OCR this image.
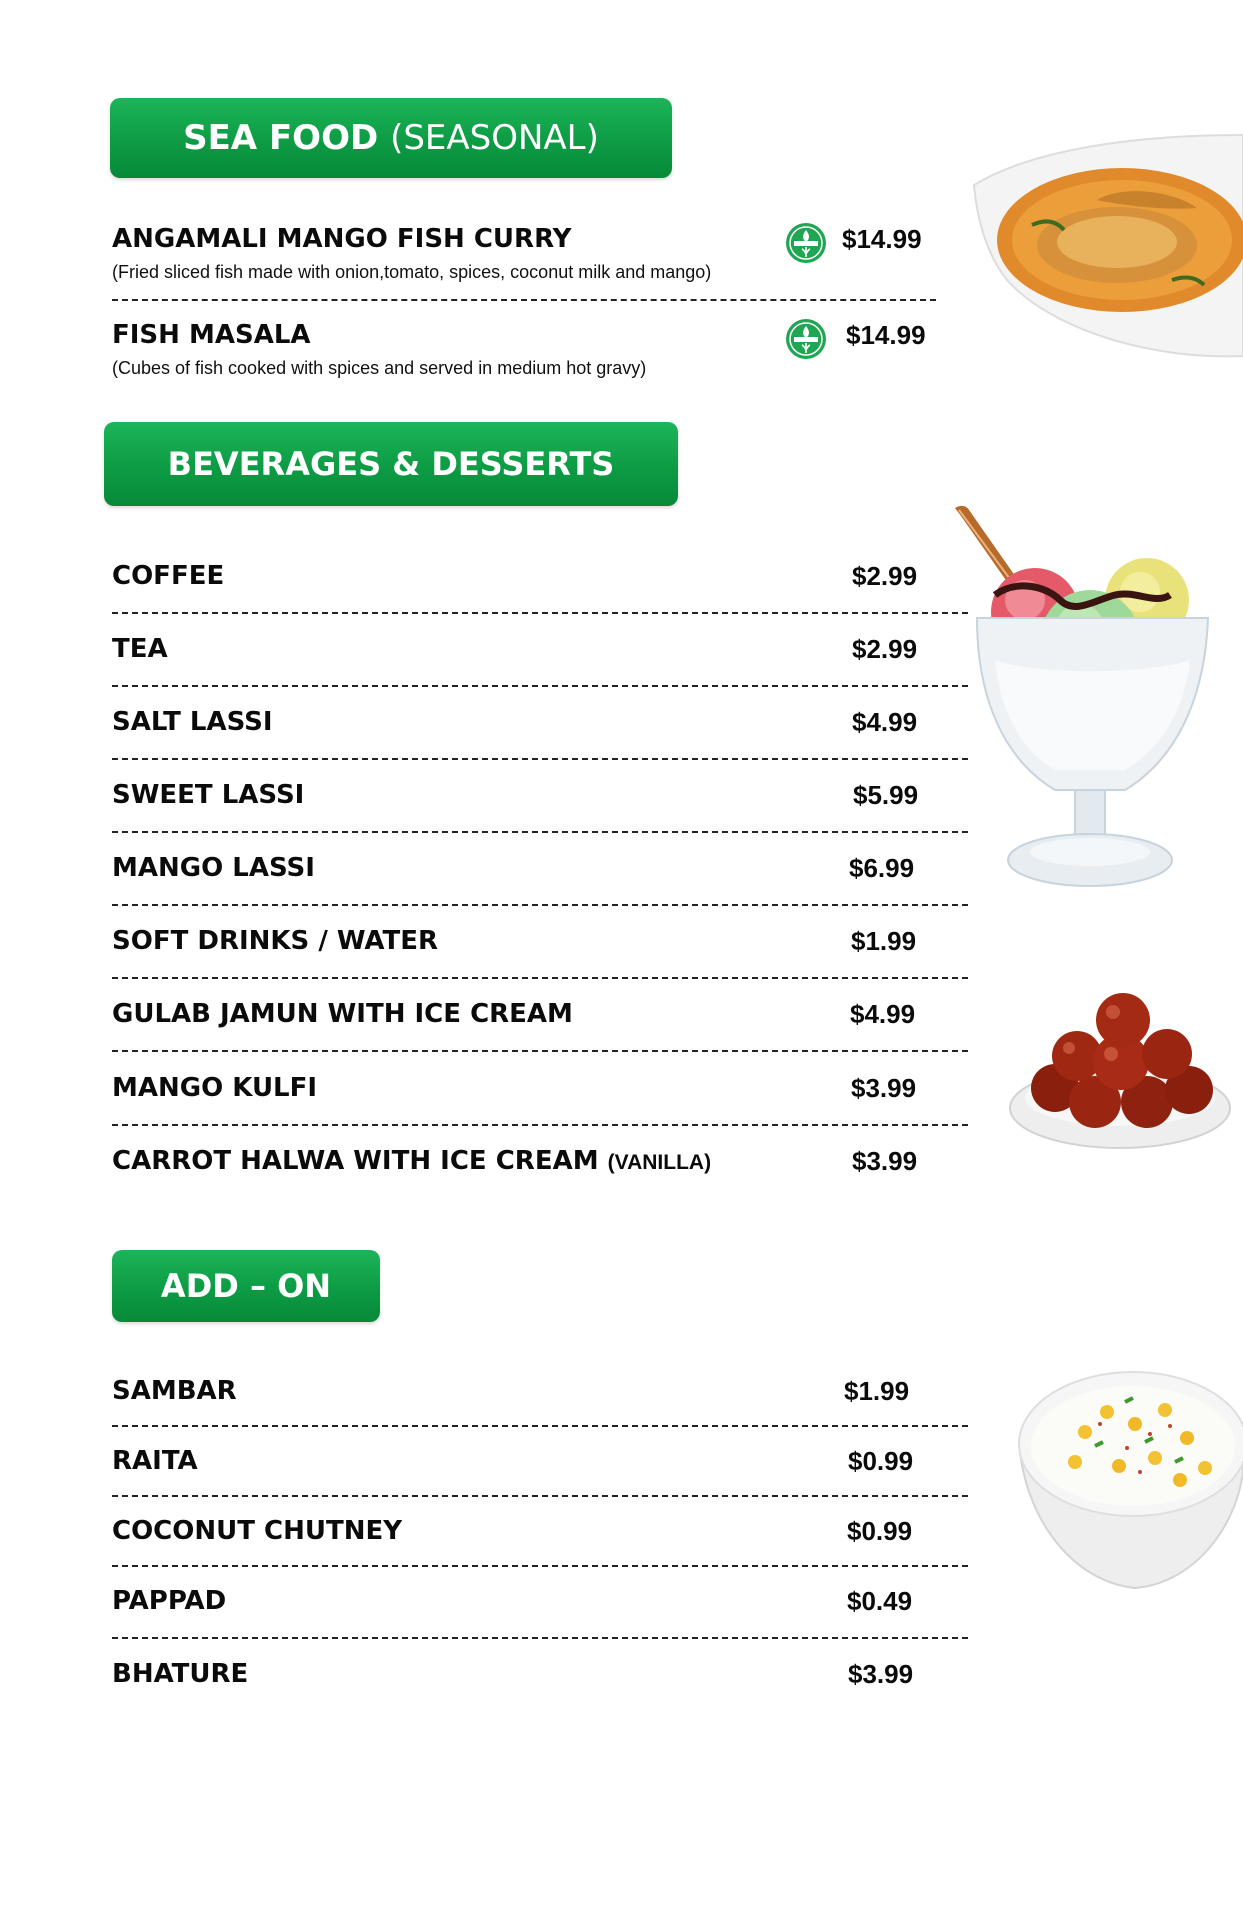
SEA FOOD
(SEASONAL)
ANGAMALI MANGO FISH CURRY
(Fried sliced fish made with onion,tomato, spices, coconut milk and mango)
$14.99
FISH MASALA
(Cubes of fish cooked with spices and served in medium hot gravy)
$14.99
BEVERAGES & DESSERTS
COFFEE	$2.99
TEA	$2.99
SALT LASSI	$4.99
SWEET LASSI	$5.99
MANGO LASSI	$6.99
SOFT DRINKS / WATER	$1.99
GULAB JAMUN WITH ICE CREAM	$4.99
MANGO KULFI	$3.99
CARROT HALWA WITH ICE CREAM (VANILLA)	$3.99
ADD – ON
SAMBAR	$1.99
RAITA	$0.99
COCONUT CHUTNEY	$0.99
PAPPAD	$0.49
BHATURE	$3.99
